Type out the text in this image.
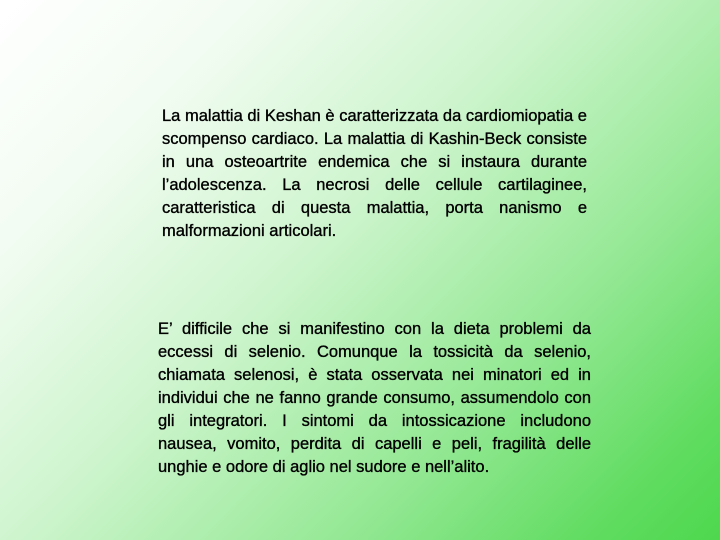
La malattia di Keshan è caratterizzata da cardiomiopatia e scompenso cardiaco. La malattia di Kashin-Beck consiste in una osteoartrite endemica che si instaura durante l’adolescenza. La necrosi delle cellule cartilaginee, caratteristica di questa malattia, porta nanismo e malformazioni articolari.

E’ difficile che si manifestino con la dieta problemi da eccessi di selenio. Comunque la tossicità da selenio, chiamata selenosi, è stata osservata nei minatori ed in individui che ne fanno grande consumo, assumendolo con gli integratori. I sintomi da intossicazione includono nausea, vomito, perdita di capelli e peli, fragilità delle unghie e odore di aglio nel sudore e nell’alito.
